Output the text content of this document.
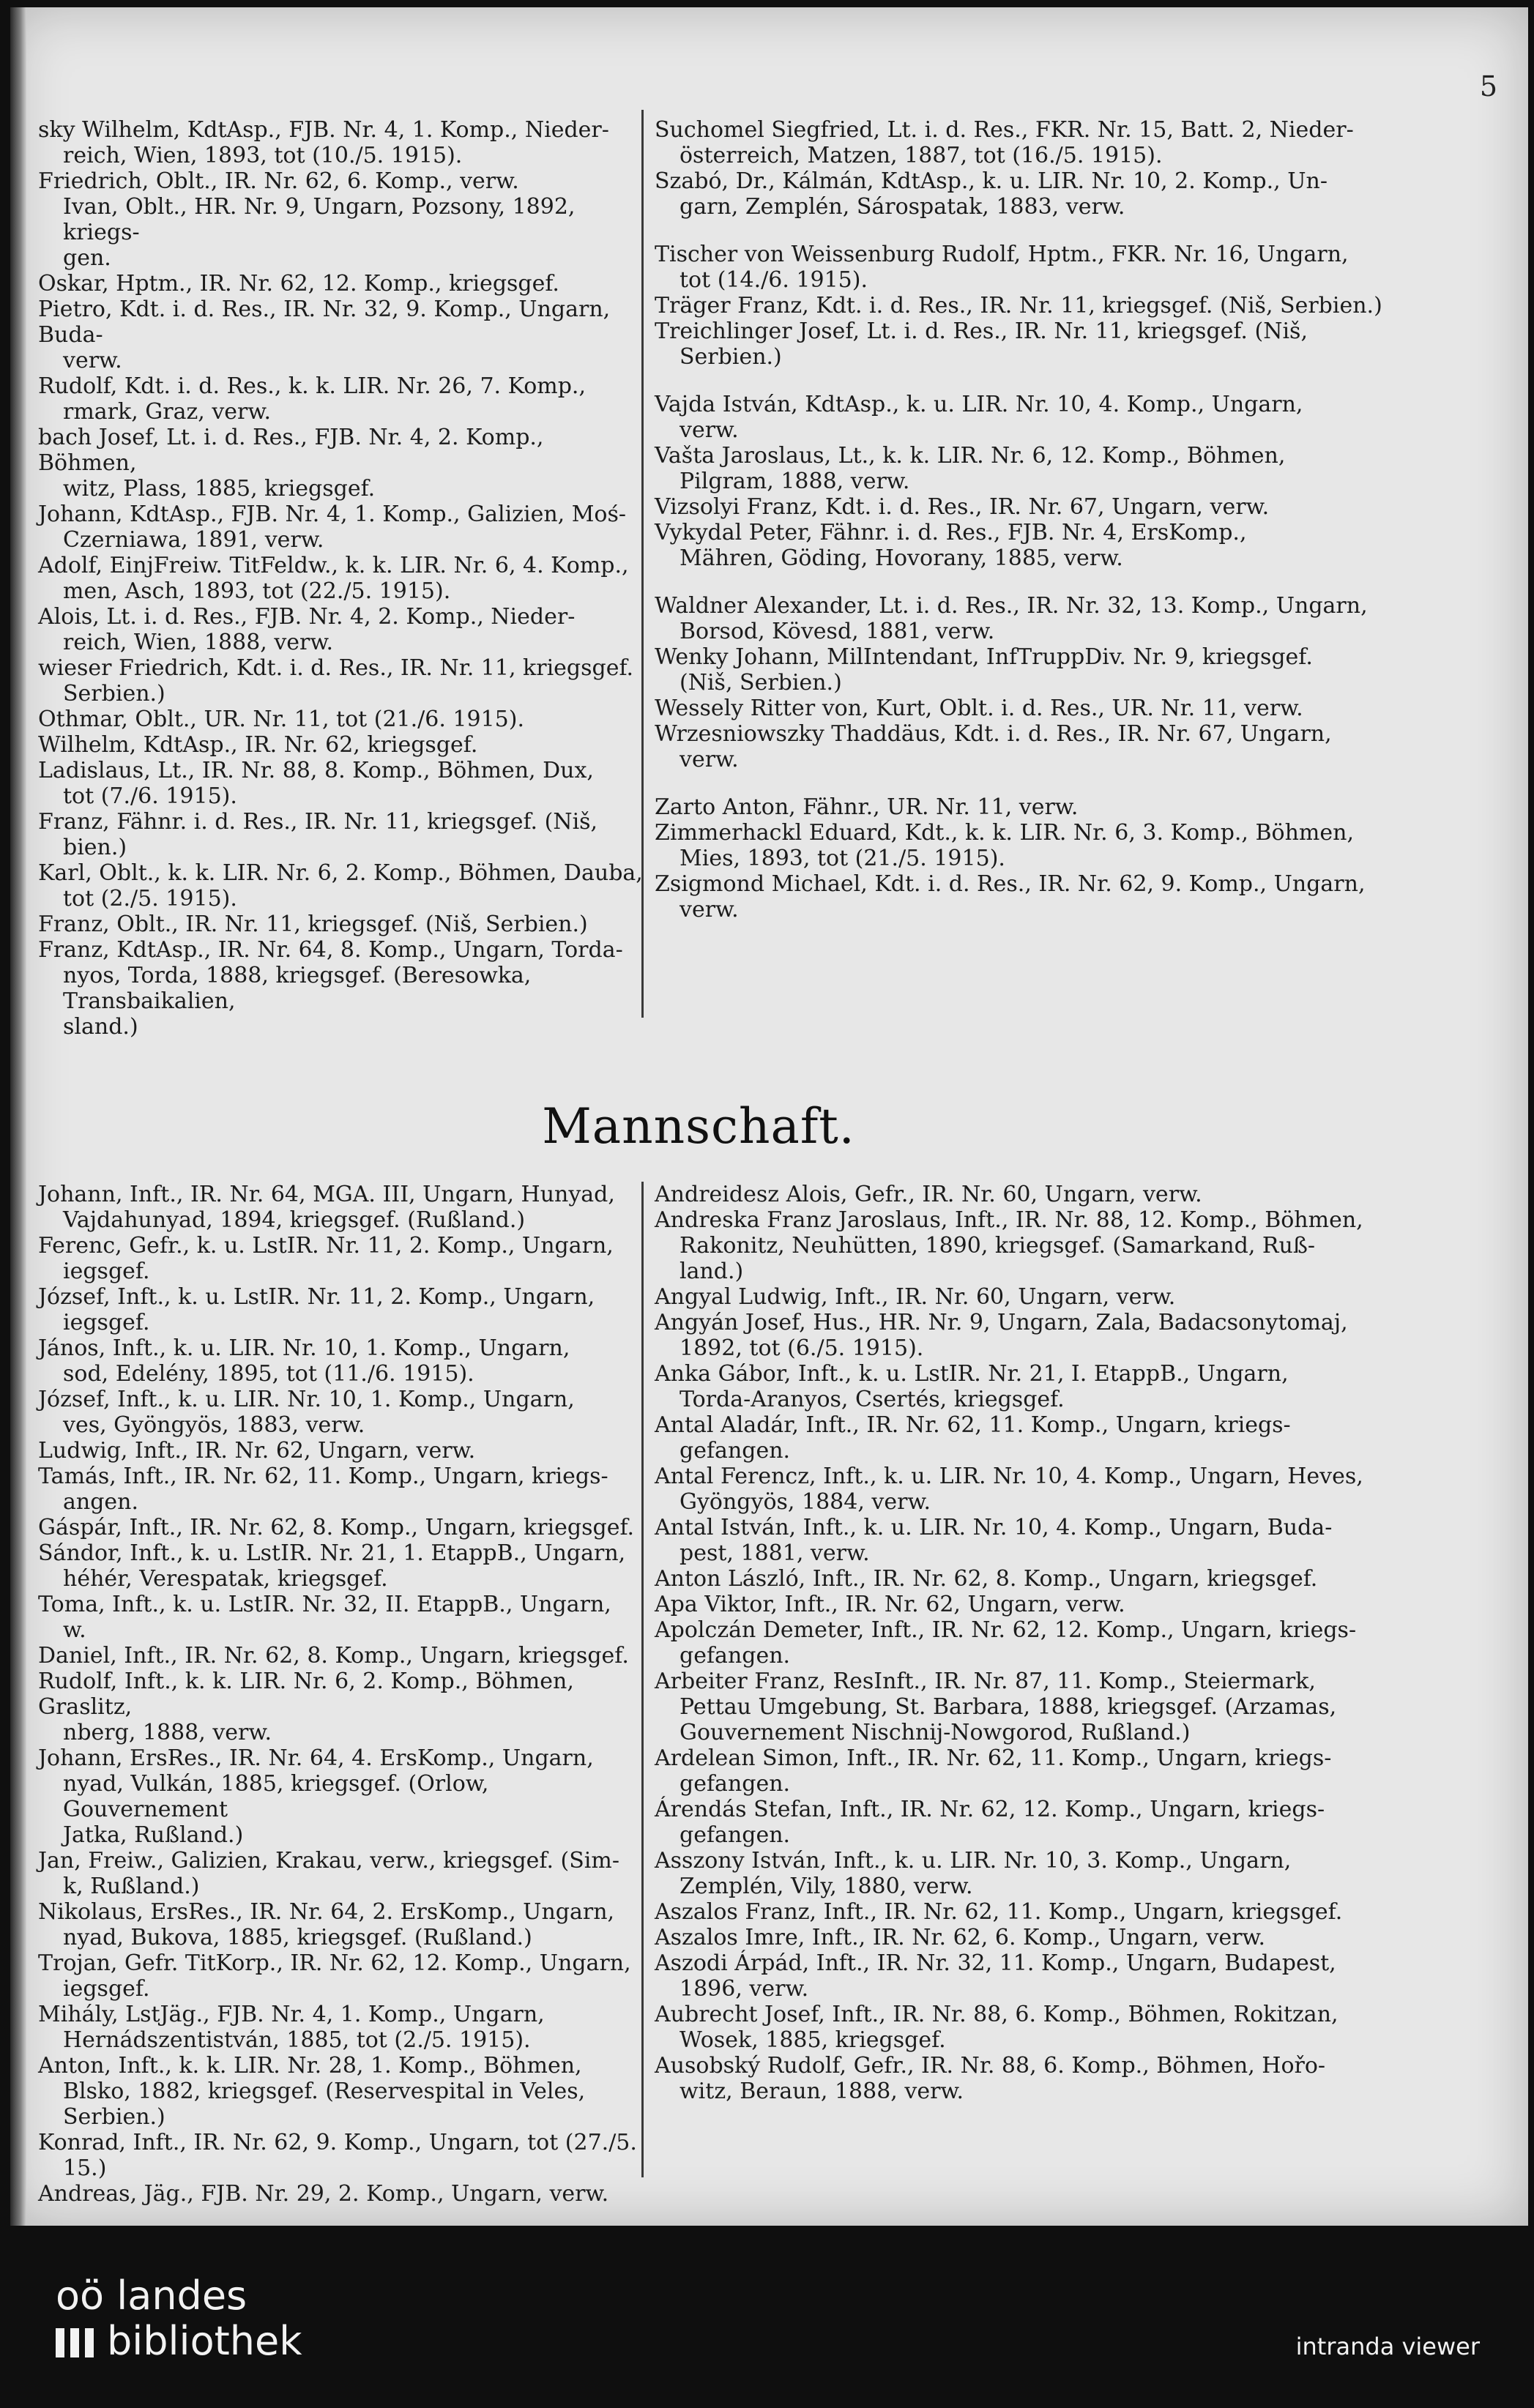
5
sky Wilhelm, KdtAsp., FJB. Nr. 4, 1. Komp., Nieder-
reich, Wien, 1893, tot (10./5. 1915).
Friedrich, Oblt., IR. Nr. 62, 6. Komp., verw.
Ivan, Oblt., HR. Nr. 9, Ungarn, Pozsony, 1892, kriegs-
gen.
Oskar, Hptm., IR. Nr. 62, 12. Komp., kriegsgef.
Pietro, Kdt. i. d. Res., IR. Nr. 32, 9. Komp., Ungarn, Buda-
verw.
Rudolf, Kdt. i. d. Res., k. k. LIR. Nr. 26, 7. Komp.,
rmark, Graz, verw.
bach Josef, Lt. i. d. Res., FJB. Nr. 4, 2. Komp., Böhmen,
witz, Plass, 1885, kriegsgef.
Johann, KdtAsp., FJB. Nr. 4, 1. Komp., Galizien, Moś-
Czerniawa, 1891, verw.
Adolf, EinjFreiw. TitFeldw., k. k. LIR. Nr. 6, 4. Komp.,
men, Asch, 1893, tot (22./5. 1915).
Alois, Lt. i. d. Res., FJB. Nr. 4, 2. Komp., Nieder-
reich, Wien, 1888, verw.
wieser Friedrich, Kdt. i. d. Res., IR. Nr. 11, kriegsgef.
Serbien.)
Othmar, Oblt., UR. Nr. 11, tot (21./6. 1915).
Wilhelm, KdtAsp., IR. Nr. 62, kriegsgef.
Ladislaus, Lt., IR. Nr. 88, 8. Komp., Böhmen, Dux,
tot (7./6. 1915).
Franz, Fähnr. i. d. Res., IR. Nr. 11, kriegsgef. (Niš,
bien.)
Karl, Oblt., k. k. LIR. Nr. 6, 2. Komp., Böhmen, Dauba,
tot (2./5. 1915).
Franz, Oblt., IR. Nr. 11, kriegsgef. (Niš, Serbien.)
Franz, KdtAsp., IR. Nr. 64, 8. Komp., Ungarn, Torda-
nyos, Torda, 1888, kriegsgef. (Beresowka, Transbaikalien,
sland.)
Suchomel Siegfried, Lt. i. d. Res., FKR. Nr. 15, Batt. 2, Nieder-
österreich, Matzen, 1887, tot (16./5. 1915).
Szabó, Dr., Kálmán, KdtAsp., k. u. LIR. Nr. 10, 2. Komp., Un-
garn, Zemplén, Sárospatak, 1883, verw.
Tischer von Weissenburg Rudolf, Hptm., FKR. Nr. 16, Ungarn,
tot (14./6. 1915).
Träger Franz, Kdt. i. d. Res., IR. Nr. 11, kriegsgef. (Niš, Serbien.)
Treichlinger Josef, Lt. i. d. Res., IR. Nr. 11, kriegsgef. (Niš,
Serbien.)
Vajda István, KdtAsp., k. u. LIR. Nr. 10, 4. Komp., Ungarn,
verw.
Vašta Jaroslaus, Lt., k. k. LIR. Nr. 6, 12. Komp., Böhmen,
Pilgram, 1888, verw.
Vizsolyi Franz, Kdt. i. d. Res., IR. Nr. 67, Ungarn, verw.
Vykydal Peter, Fähnr. i. d. Res., FJB. Nr. 4, ErsKomp.,
Mähren, Göding, Hovorany, 1885, verw.
Waldner Alexander, Lt. i. d. Res., IR. Nr. 32, 13. Komp., Ungarn,
Borsod, Kövesd, 1881, verw.
Wenky Johann, MilIntendant, InfTruppDiv. Nr. 9, kriegsgef.
(Niš, Serbien.)
Wessely Ritter von, Kurt, Oblt. i. d. Res., UR. Nr. 11, verw.
Wrzesniowszky Thaddäus, Kdt. i. d. Res., IR. Nr. 67, Ungarn,
verw.
Zarto Anton, Fähnr., UR. Nr. 11, verw.
Zimmerhackl Eduard, Kdt., k. k. LIR. Nr. 6, 3. Komp., Böhmen,
Mies, 1893, tot (21./5. 1915).
Zsigmond Michael, Kdt. i. d. Res., IR. Nr. 62, 9. Komp., Ungarn,
verw.
Mannschaft.
Johann, Inft., IR. Nr. 64, MGA. III, Ungarn, Hunyad,
Vajdahunyad, 1894, kriegsgef. (Rußland.)
Ferenc, Gefr., k. u. LstIR. Nr. 11, 2. Komp., Ungarn,
iegsgef.
József, Inft., k. u. LstIR. Nr. 11, 2. Komp., Ungarn,
iegsgef.
János, Inft., k. u. LIR. Nr. 10, 1. Komp., Ungarn,
sod, Edelény, 1895, tot (11./6. 1915).
József, Inft., k. u. LIR. Nr. 10, 1. Komp., Ungarn,
ves, Gyöngyös, 1883, verw.
Ludwig, Inft., IR. Nr. 62, Ungarn, verw.
Tamás, Inft., IR. Nr. 62, 11. Komp., Ungarn, kriegs-
angen.
Gáspár, Inft., IR. Nr. 62, 8. Komp., Ungarn, kriegsgef.
Sándor, Inft., k. u. LstIR. Nr. 21, 1. EtappB., Ungarn,
héhér, Verespatak, kriegsgef.
Toma, Inft., k. u. LstIR. Nr. 32, II. EtappB., Ungarn,
w.
Daniel, Inft., IR. Nr. 62, 8. Komp., Ungarn, kriegsgef.
Rudolf, Inft., k. k. LIR. Nr. 6, 2. Komp., Böhmen, Graslitz,
nberg, 1888, verw.
Johann, ErsRes., IR. Nr. 64, 4. ErsKomp., Ungarn,
nyad, Vulkán, 1885, kriegsgef. (Orlow, Gouvernement
Jatka, Rußland.)
Jan, Freiw., Galizien, Krakau, verw., kriegsgef. (Sim-
k, Rußland.)
Nikolaus, ErsRes., IR. Nr. 64, 2. ErsKomp., Ungarn,
nyad, Bukova, 1885, kriegsgef. (Rußland.)
Trojan, Gefr. TitKorp., IR. Nr. 62, 12. Komp., Ungarn,
iegsgef.
Mihály, LstJäg., FJB. Nr. 4, 1. Komp., Ungarn,
Hernádszentistván, 1885, tot (2./5. 1915).
Anton, Inft., k. k. LIR. Nr. 28, 1. Komp., Böhmen,
Blsko, 1882, kriegsgef. (Reservespital in Veles, Serbien.)
Konrad, Inft., IR. Nr. 62, 9. Komp., Ungarn, tot (27./5.
15.)
Andreas, Jäg., FJB. Nr. 29, 2. Komp., Ungarn, verw.
Andreidesz Alois, Gefr., IR. Nr. 60, Ungarn, verw.
Andreska Franz Jaroslaus, Inft., IR. Nr. 88, 12. Komp., Böhmen,
Rakonitz, Neuhütten, 1890, kriegsgef. (Samarkand, Ruß-
land.)
Angyal Ludwig, Inft., IR. Nr. 60, Ungarn, verw.
Angyán Josef, Hus., HR. Nr. 9, Ungarn, Zala, Badacsonytomaj,
1892, tot (6./5. 1915).
Anka Gábor, Inft., k. u. LstIR. Nr. 21, I. EtappB., Ungarn,
Torda-Aranyos, Csertés, kriegsgef.
Antal Aladár, Inft., IR. Nr. 62, 11. Komp., Ungarn, kriegs-
gefangen.
Antal Ferencz, Inft., k. u. LIR. Nr. 10, 4. Komp., Ungarn, Heves,
Gyöngyös, 1884, verw.
Antal István, Inft., k. u. LIR. Nr. 10, 4. Komp., Ungarn, Buda-
pest, 1881, verw.
Anton László, Inft., IR. Nr. 62, 8. Komp., Ungarn, kriegsgef.
Apa Viktor, Inft., IR. Nr. 62, Ungarn, verw.
Apolczán Demeter, Inft., IR. Nr. 62, 12. Komp., Ungarn, kriegs-
gefangen.
Arbeiter Franz, ResInft., IR. Nr. 87, 11. Komp., Steiermark,
Pettau Umgebung, St. Barbara, 1888, kriegsgef. (Arzamas,
Gouvernement Nischnij-Nowgorod, Rußland.)
Ardelean Simon, Inft., IR. Nr. 62, 11. Komp., Ungarn, kriegs-
gefangen.
Árendás Stefan, Inft., IR. Nr. 62, 12. Komp., Ungarn, kriegs-
gefangen.
Asszony István, Inft., k. u. LIR. Nr. 10, 3. Komp., Ungarn,
Zemplén, Vily, 1880, verw.
Aszalos Franz, Inft., IR. Nr. 62, 11. Komp., Ungarn, kriegsgef.
Aszalos Imre, Inft., IR. Nr. 62, 6. Komp., Ungarn, verw.
Aszodi Árpád, Inft., IR. Nr. 32, 11. Komp., Ungarn, Budapest,
1896, verw.
Aubrecht Josef, Inft., IR. Nr. 88, 6. Komp., Böhmen, Rokitzan,
Wosek, 1885, kriegsgef.
Ausobský Rudolf, Gefr., IR. Nr. 88, 6. Komp., Böhmen, Hořo-
witz, Beraun, 1888, verw.
oö landes
bibliothek	intranda viewer
